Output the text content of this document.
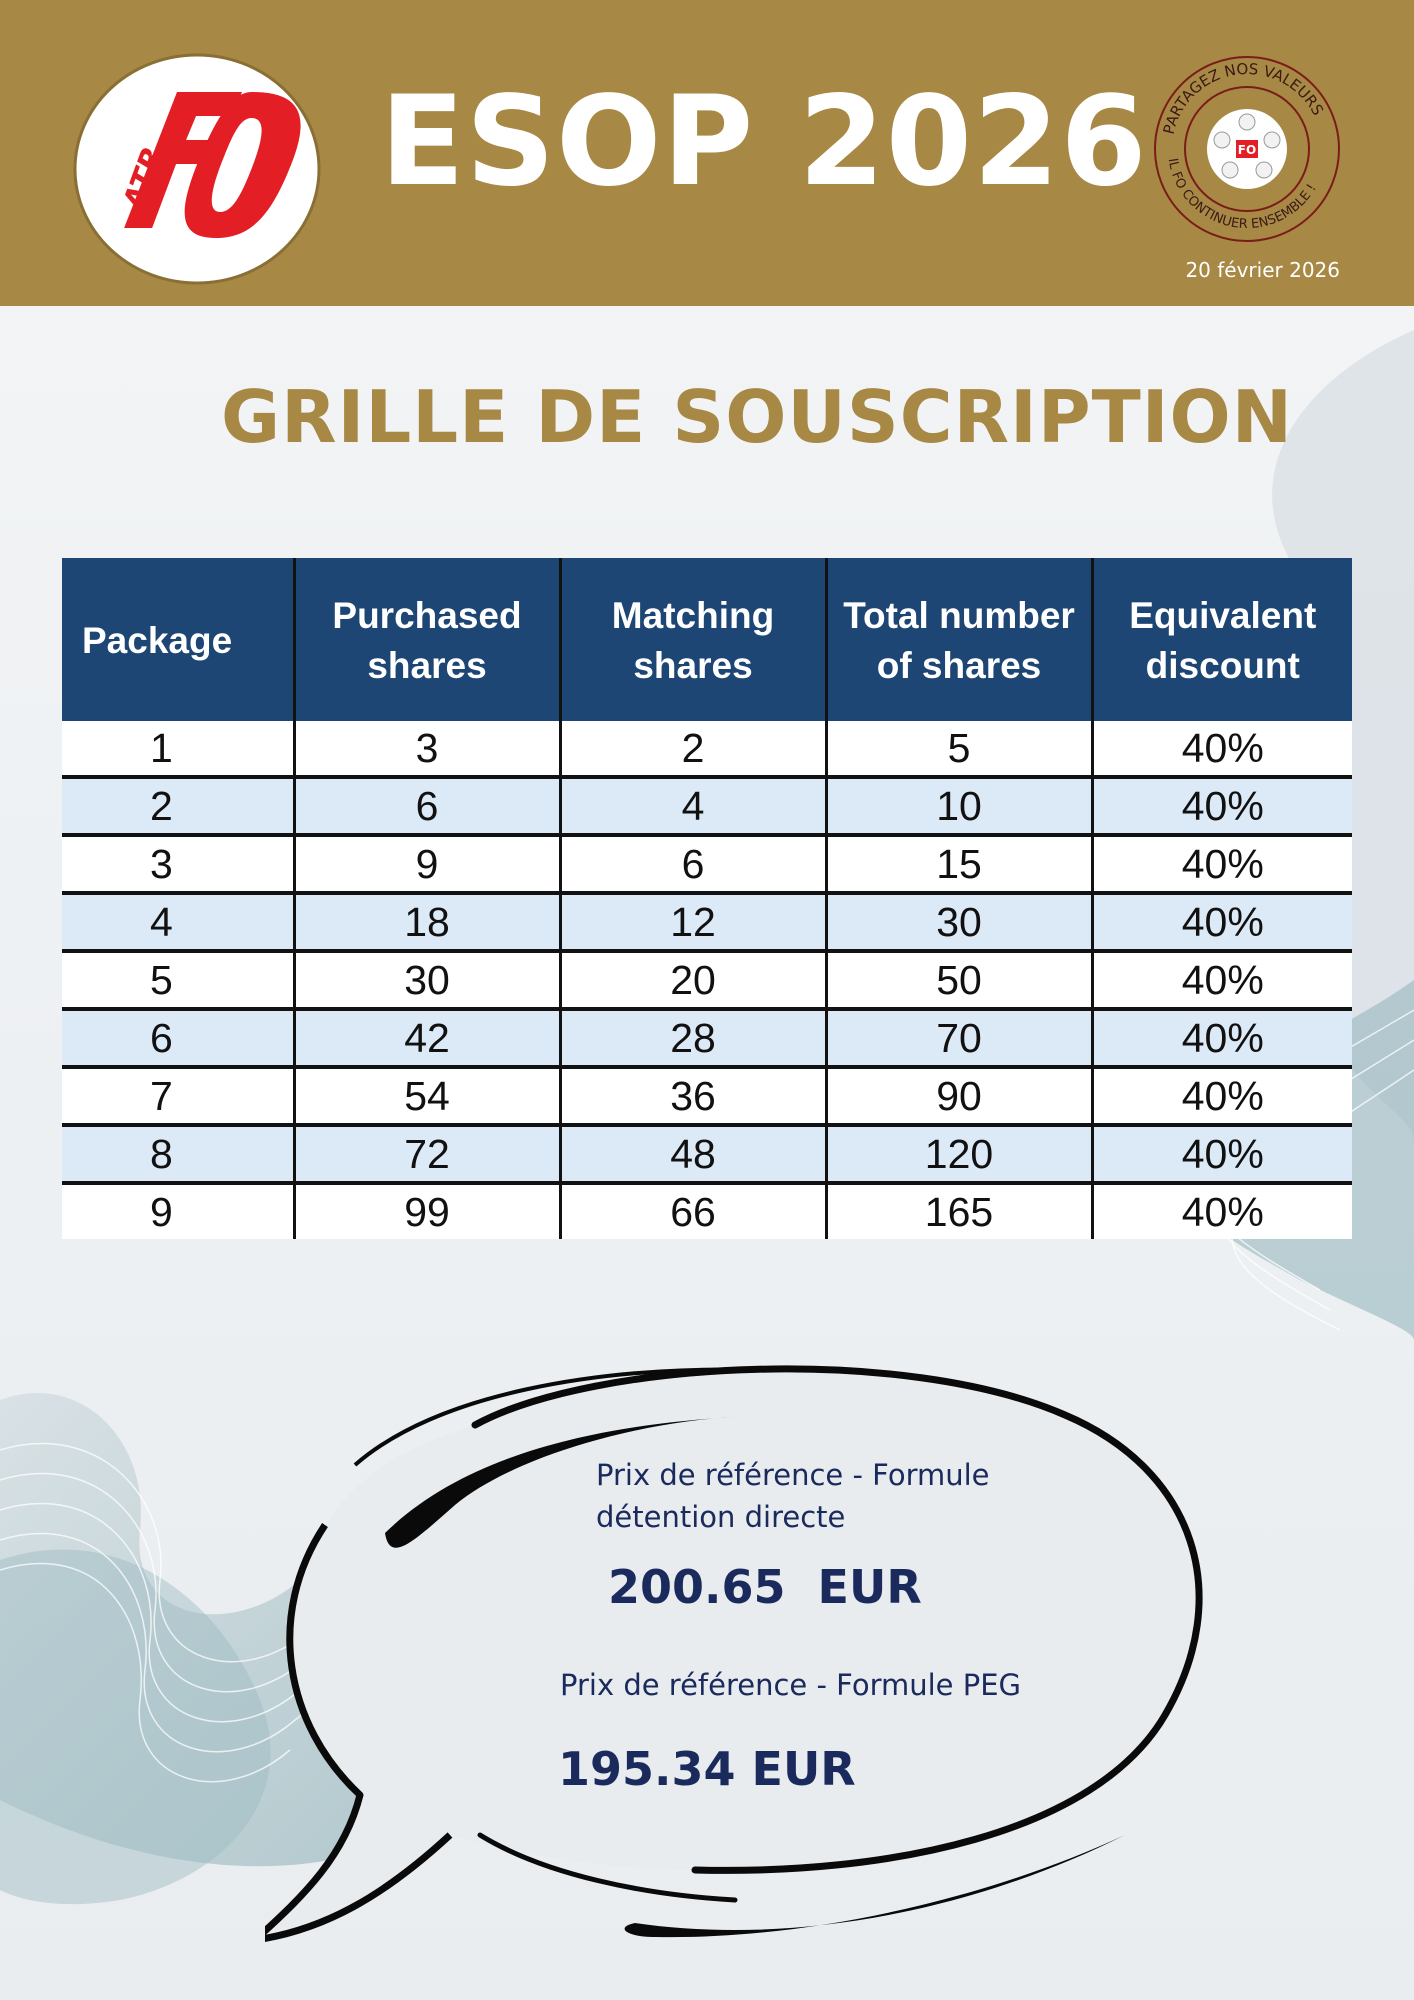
ATR ESOP 2026 PARTAGEZ NOS VALEURS
IL FO CONTINUER ENSEMBLE !
FO
20 février 2026
GRILLE DE SOUSCRIPTION
Package	Purchased shares	Matching shares	Total number of shares	Equivalent discount
1	3	2	5	40%
2	6	4	10	40%
3	9	6	15	40%
4	18	12	30	40%
5	30	20	50	40%
6	42	28	70	40%
7	54	36	90	40%
8	72	48	120	40%
9	99	66	165	40%
Prix de référence - Formule détention directe
200.65  EUR
Prix de référence - Formule PEG
195.34 EUR
